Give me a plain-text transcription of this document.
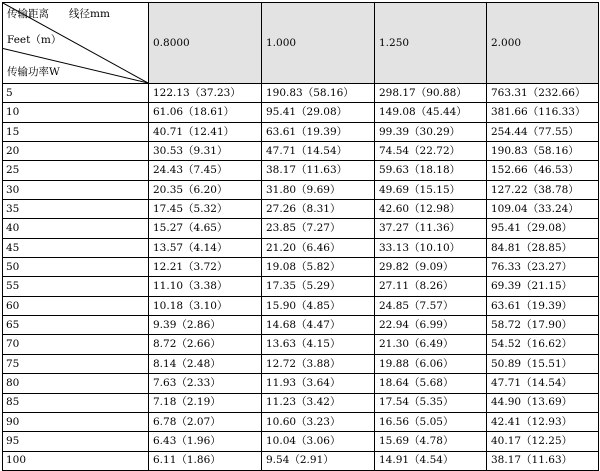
传输距离 线径mm
Feet（m）
传输功率W	0.8000	1.000	1.250	2.000
5	122.13（37.23）	190.83（58.16）	298.17（90.88）	763.31（232.66）
10	61.06（18.61）	95.41（29.08）	149.08（45.44）	381.66（116.33）
15	40.71（12.41）	63.61（19.39）	99.39（30.29）	254.44（77.55）
20	30.53（9.31）	47.71（14.54）	74.54（22.72）	190.83（58.16）
25	24.43（7.45）	38.17（11.63）	59.63（18.18）	152.66（46.53）
30	20.35（6.20）	31.80（9.69）	49.69（15.15）	127.22（38.78）
35	17.45（5.32）	27.26（8.31）	42.60（12.98）	109.04（33.24）
40	15.27（4.65）	23.85（7.27）	37.27（11.36）	95.41（29.08）
45	13.57（4.14）	21.20（6.46）	33.13（10.10）	84.81（28.85）
50	12.21（3.72）	19.08（5.82）	29.82（9.09）	76.33（23.27）
55	11.10（3.38）	17.35（5.29）	27.11（8.26）	69.39（21.15）
60	10.18（3.10）	15.90（4.85）	24.85（7.57）	63.61（19.39）
65	9.39（2.86）	14.68（4.47）	22.94（6.99）	58.72（17.90）
70	8.72（2.66）	13.63（4.15）	21.30（6.49）	54.52（16.62）
75	8.14（2.48）	12.72（3.88）	19.88（6.06）	50.89（15.51）
80	7.63（2.33）	11.93（3.64）	18.64（5.68）	47.71（14.54）
85	7.18（2.19）	11.23（3.42）	17.54（5.35）	44.90（13.69）
90	6.78（2.07）	10.60（3.23）	16.56（5.05）	42.41（12.93）
95	6.43（1.96）	10.04（3.06）	15.69（4.78）	40.17（12.25）
100	6.11（1.86）	9.54（2.91）	14.91（4.54）	38.17（11.63）
